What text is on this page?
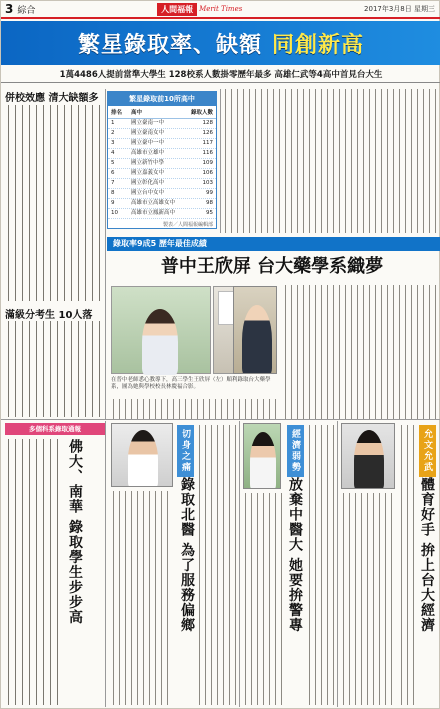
3 綜合	人間福報 Merit Times	2017年3月8日 星期三
繁星錄取率、缺額 同創新高
1萬4486人提前當準大學生 128校系人數掛零歷年最多 高雄仁武等4高中首見台大生
併校效應 清大缺額多
滿級分考生 10人落
繁星錄取前10所高中
排名	高中	錄取人數
1	國立臺南一中	128
2	國立臺南女中	126
3	國立臺中一中	117
4	高雄市立雄中	116
5	國立新竹中學	109
6	國立嘉義女中	106
7	國立彰化高中	103
8	國立台中女中	99
9	高雄市立高雄女中	98
10	高雄市立鳳新高中	95
製表／人間福報編輯部
錄取率9成5 歷年最佳成績
普中王欣屏 台大藥學系織夢
在普中老師悉心教導下，高三學生王欣屏（左）順利錄取台大藥學系，圖為她與學校校長林慶福合影。
多個科系錄取通報
佛大、南華 錄取學生步步高	切身之痛
錄取北醫 為了服務偏鄉
經濟弱勢
放棄中醫大 她要拚警專
允文允武
體育好手 拚上台大經濟
